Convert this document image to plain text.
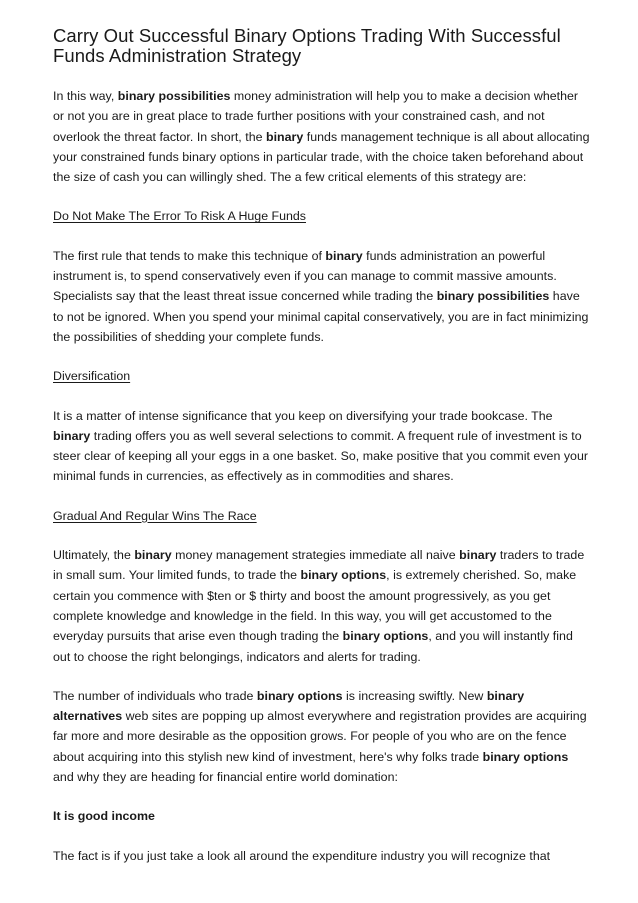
Carry Out Successful Binary Options Trading With Successful Funds Administration Strategy

In this way, binary possibilities money administration will help you to make a decision whether or not you are in great place to trade further positions with your constrained cash, and not overlook the threat factor. In short, the binary funds management technique is all about allocating your constrained funds binary options in particular trade, with the choice taken beforehand about the size of cash you can willingly shed. The a few critical elements of this strategy are:

Do Not Make The Error To Risk A Huge Funds

The first rule that tends to make this technique of binary funds administration an powerful instrument is, to spend conservatively even if you can manage to commit massive amounts. Specialists say that the least threat issue concerned while trading the binary possibilities have to not be ignored. When you spend your minimal capital conservatively, you are in fact minimizing the possibilities of shedding your complete funds.

Diversification

It is a matter of intense significance that you keep on diversifying your trade bookcase. The binary trading offers you as well several selections to commit. A frequent rule of investment is to steer clear of keeping all your eggs in a one basket. So, make positive that you commit even your minimal funds in currencies, as effectively as in commodities and shares.

Gradual And Regular Wins The Race

Ultimately, the binary money management strategies immediate all naive binary traders to trade in small sum. Your limited funds, to trade the binary options, is extremely cherished. So, make certain you commence with $ten or $ thirty and boost the amount progressively, as you get complete knowledge and knowledge in the field. In this way, you will get accustomed to the everyday pursuits that arise even though trading the binary options, and you will instantly find out to choose the right belongings, indicators and alerts for trading.

The number of individuals who trade binary options is increasing swiftly. New binary alternatives web sites are popping up almost everywhere and registration provides are acquiring far more and more desirable as the opposition grows. For people of you who are on the fence about acquiring into this stylish new kind of investment, here's why folks trade binary options and why they are heading for financial entire world domination:

It is good income

The fact is if you just take a look all around the expenditure industry you will recognize that
